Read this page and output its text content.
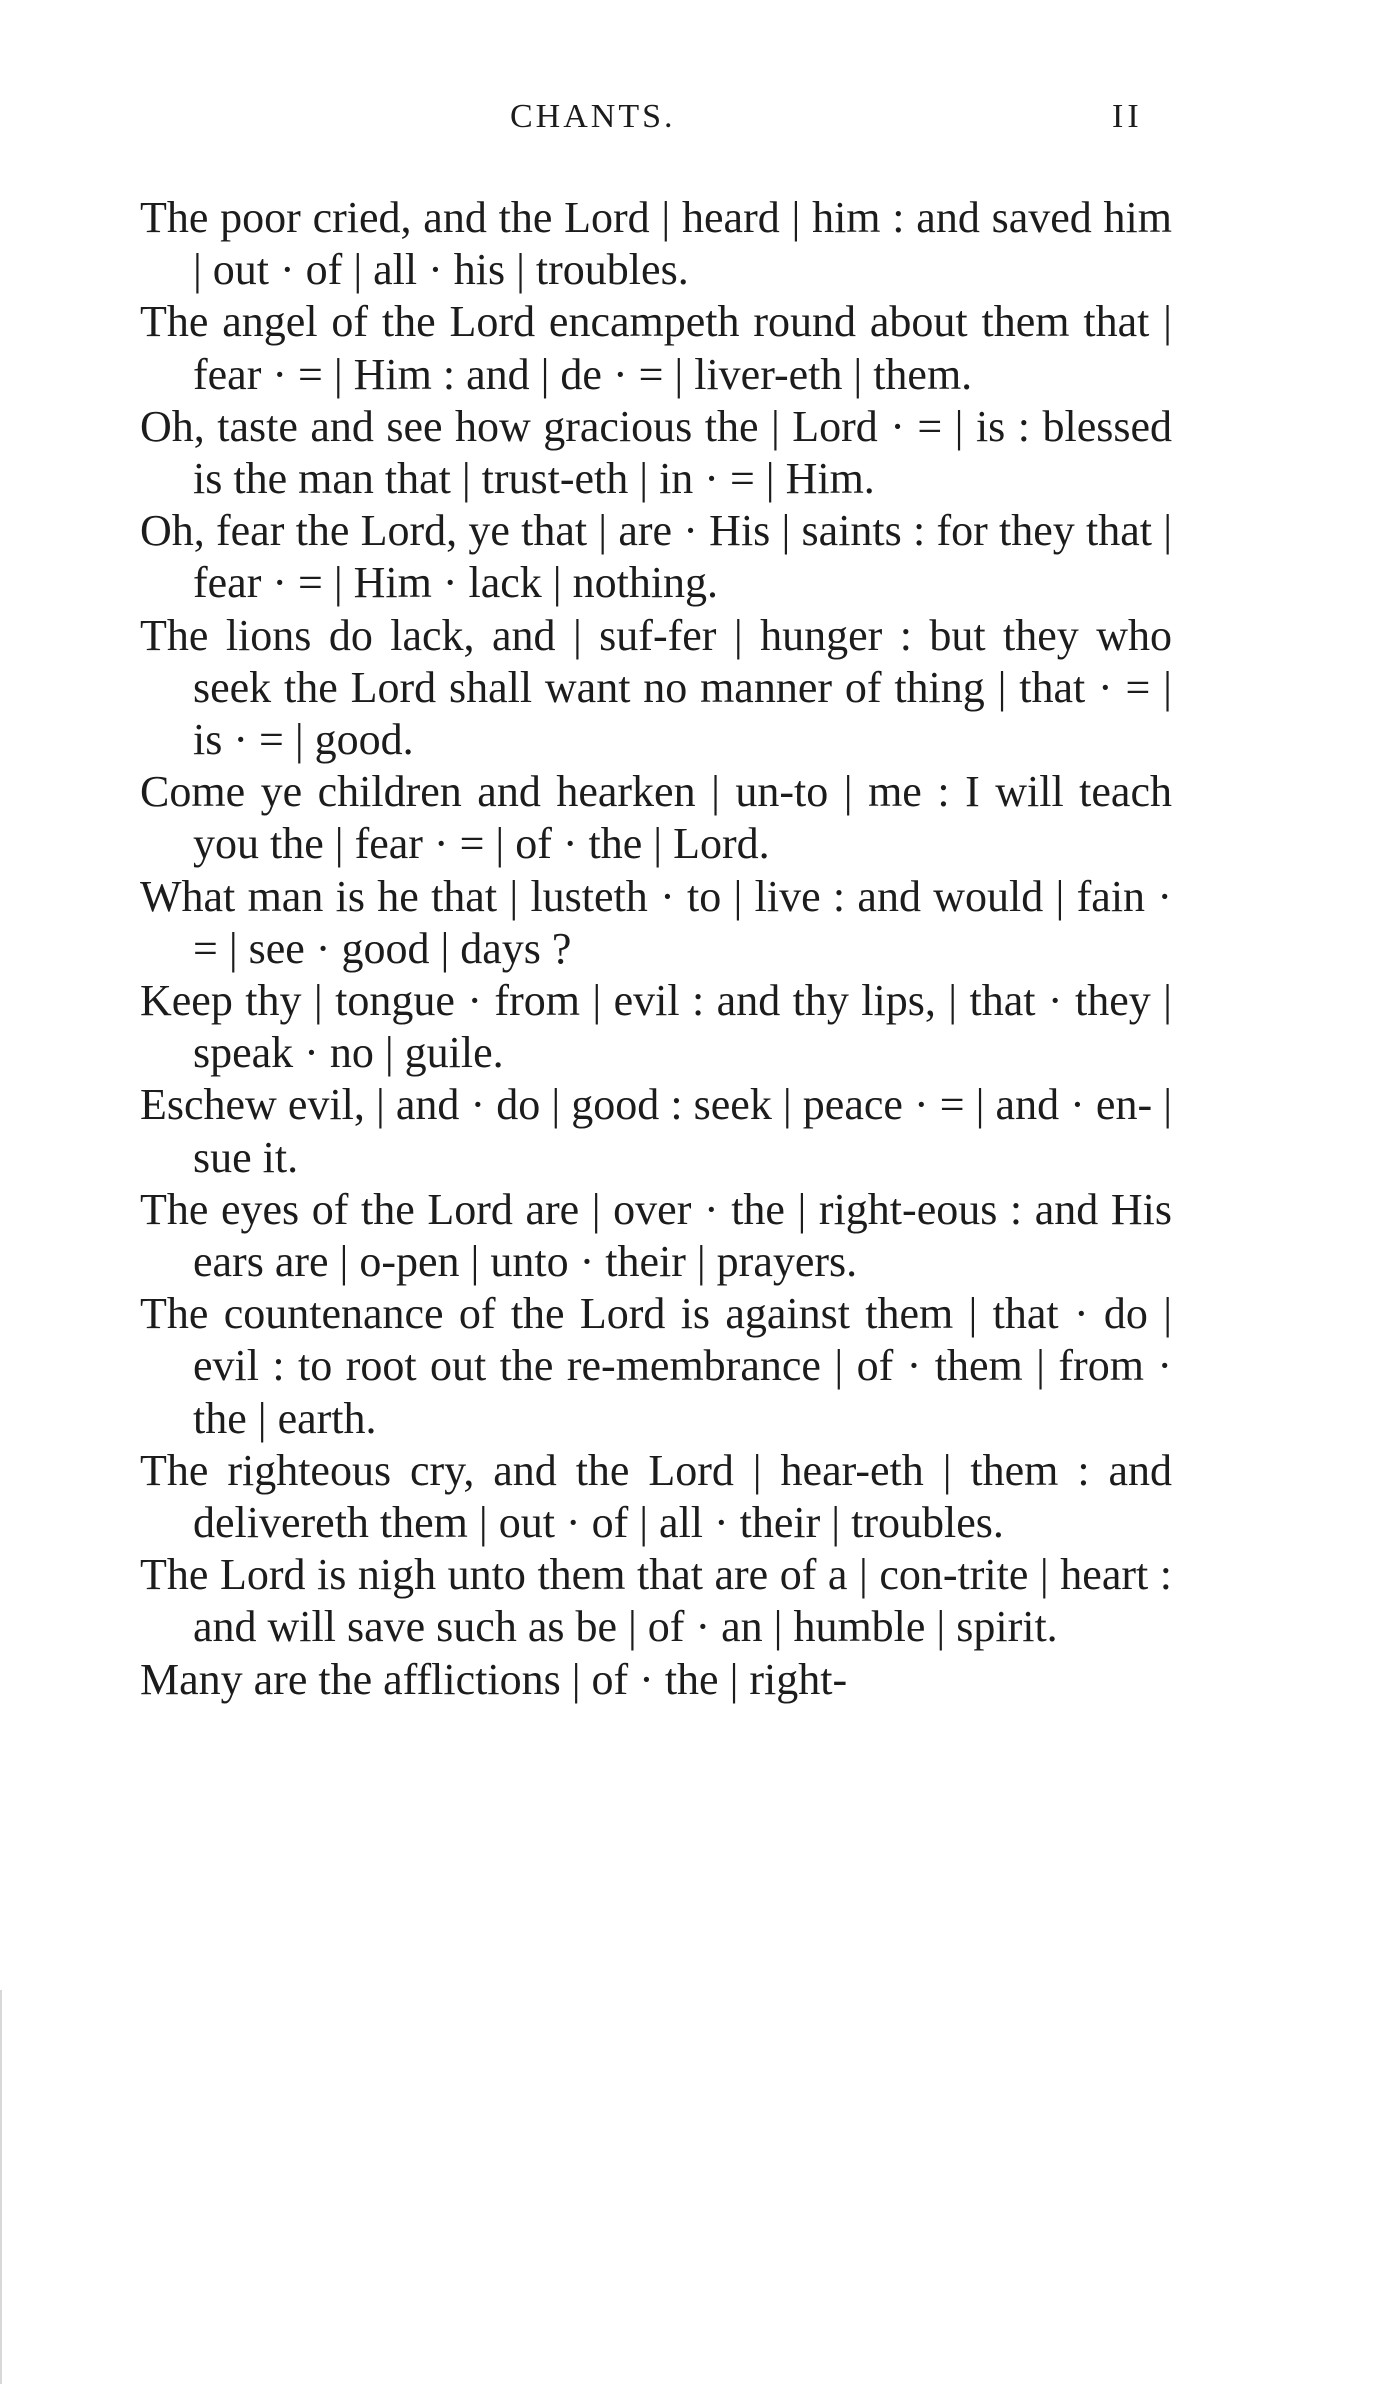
CHANTS.	II

The poor cried, and the Lord | heard | him : and saved him | out · of | all · his | troubles.

The angel of the Lord encampeth round about them that | fear · = | Him : and | de · = | liver-eth | them.

Oh, taste and see how gracious the | Lord · = | is : blessed is the man that | trust-eth | in · = | Him.

Oh, fear the Lord, ye that | are · His | saints : for they that | fear · = | Him · lack | nothing.

The lions do lack, and | suf-fer | hunger : but they who seek the Lord shall want no manner of thing | that · = | is · = | good.

Come ye children and hearken | un-to | me : I will teach you the | fear · = | of · the | Lord.

What man is he that | lusteth · to | live : and would | fain · = | see · good | days ?

Keep thy | tongue · from | evil : and thy lips, | that · they | speak · no | guile.

Eschew evil, | and · do | good : seek | peace · = | and · en- | sue it.

The eyes of the Lord are | over · the | right-eous : and His ears are | o-pen | unto · their | prayers.

The countenance of the Lord is against them | that · do | evil : to root out the re-membrance | of · them | from · the | earth.

The righteous cry, and the Lord | hear-eth | them : and delivereth them | out · of | all · their | troubles.

The Lord is nigh unto them that are of a | con-trite | heart : and will save such as be | of · an | humble | spirit.

Many are the afflictions | of · the | right-
